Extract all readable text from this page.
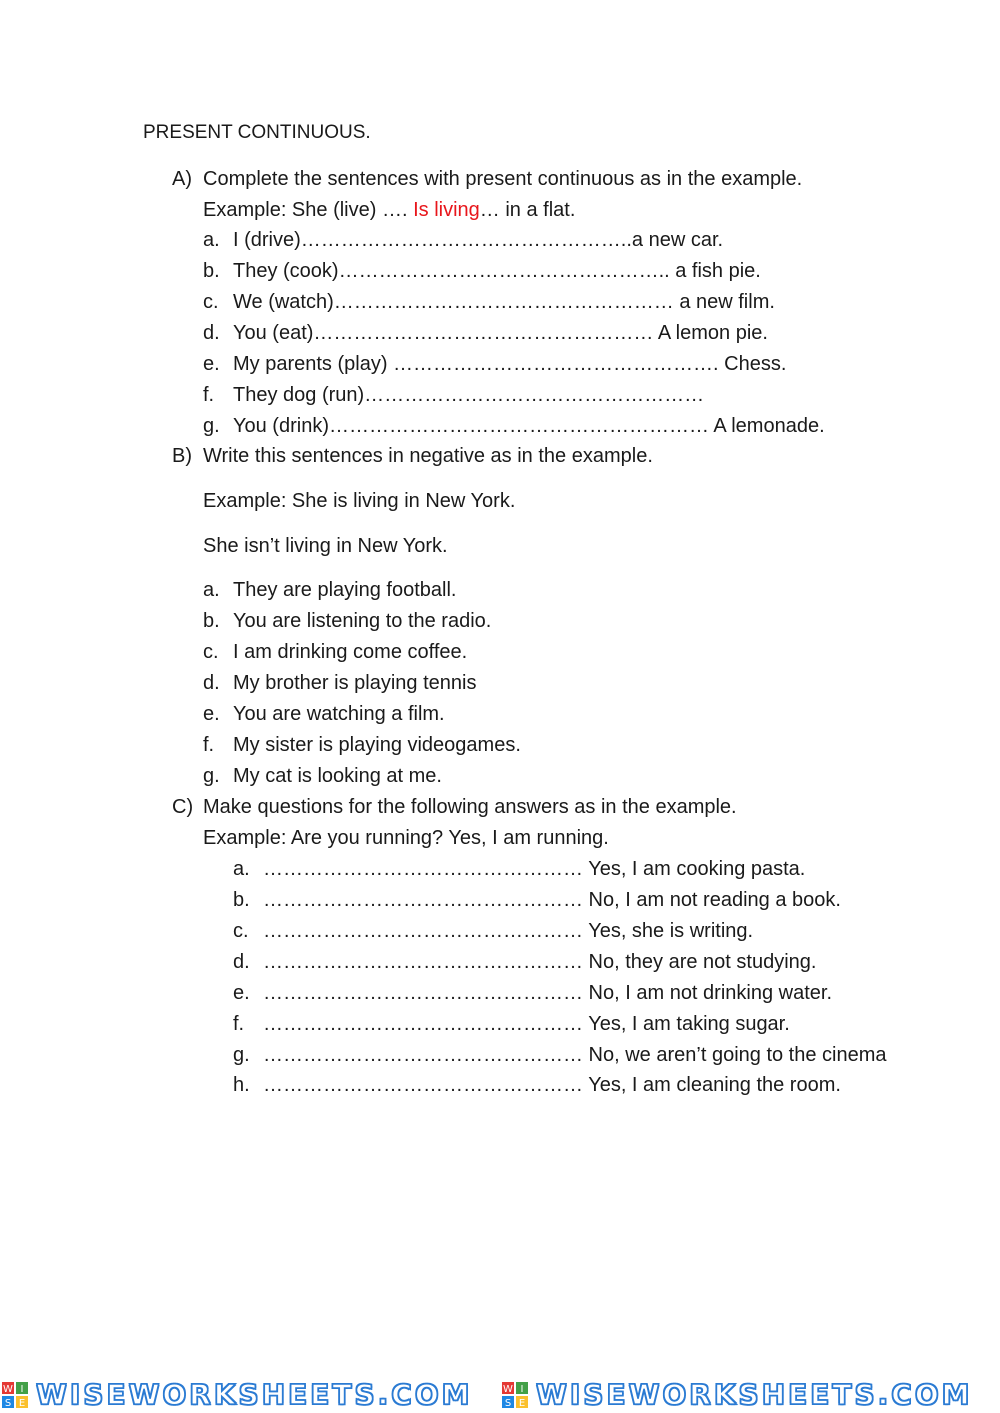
PRESENT CONTINUOUS.
A) Complete the sentences with present continuous as in the example.
Example: She (live) …. Is living… in a flat.
a. I (drive)…………………………………………..a new car.
b. They (cook)………………………………………….. a fish pie.
c. We (watch)…………………………………………… a new film.
d. You (eat)…………………………………………… A lemon pie.
e. My parents (play) …………………………………………. Chess.
f. They dog (run)……………………………………………
g. You (drink)………………………………………………… A lemonade.
B) Write this sentences in negative as in the example.
Example: She is living in New York.
She isn’t living in New York.
a. They are playing football.
b. You are listening to the radio.
c. I am drinking come coffee.
d. My brother is playing tennis
e. You are watching a film.
f. My sister is playing videogames.
g. My cat is looking at me.
C) Make questions for the following answers as in the example.
Example: Are you running? Yes, I am running.
a. ………………………………………… Yes, I am cooking pasta.
b. ………………………………………… No, I am not reading a book.
c. ………………………………………… Yes, she is writing.
d. ………………………………………… No, they are not studying.
e. ………………………………………… No, I am not drinking water.
f. ………………………………………… Yes, I am taking sugar.
g. ………………………………………… No, we aren’t going to the cinema
h. ………………………………………… Yes, I am cleaning the room.
W I
S E WISEWORKSHEETS.COM	W I
S E WISEWORKSHEETS.COM
